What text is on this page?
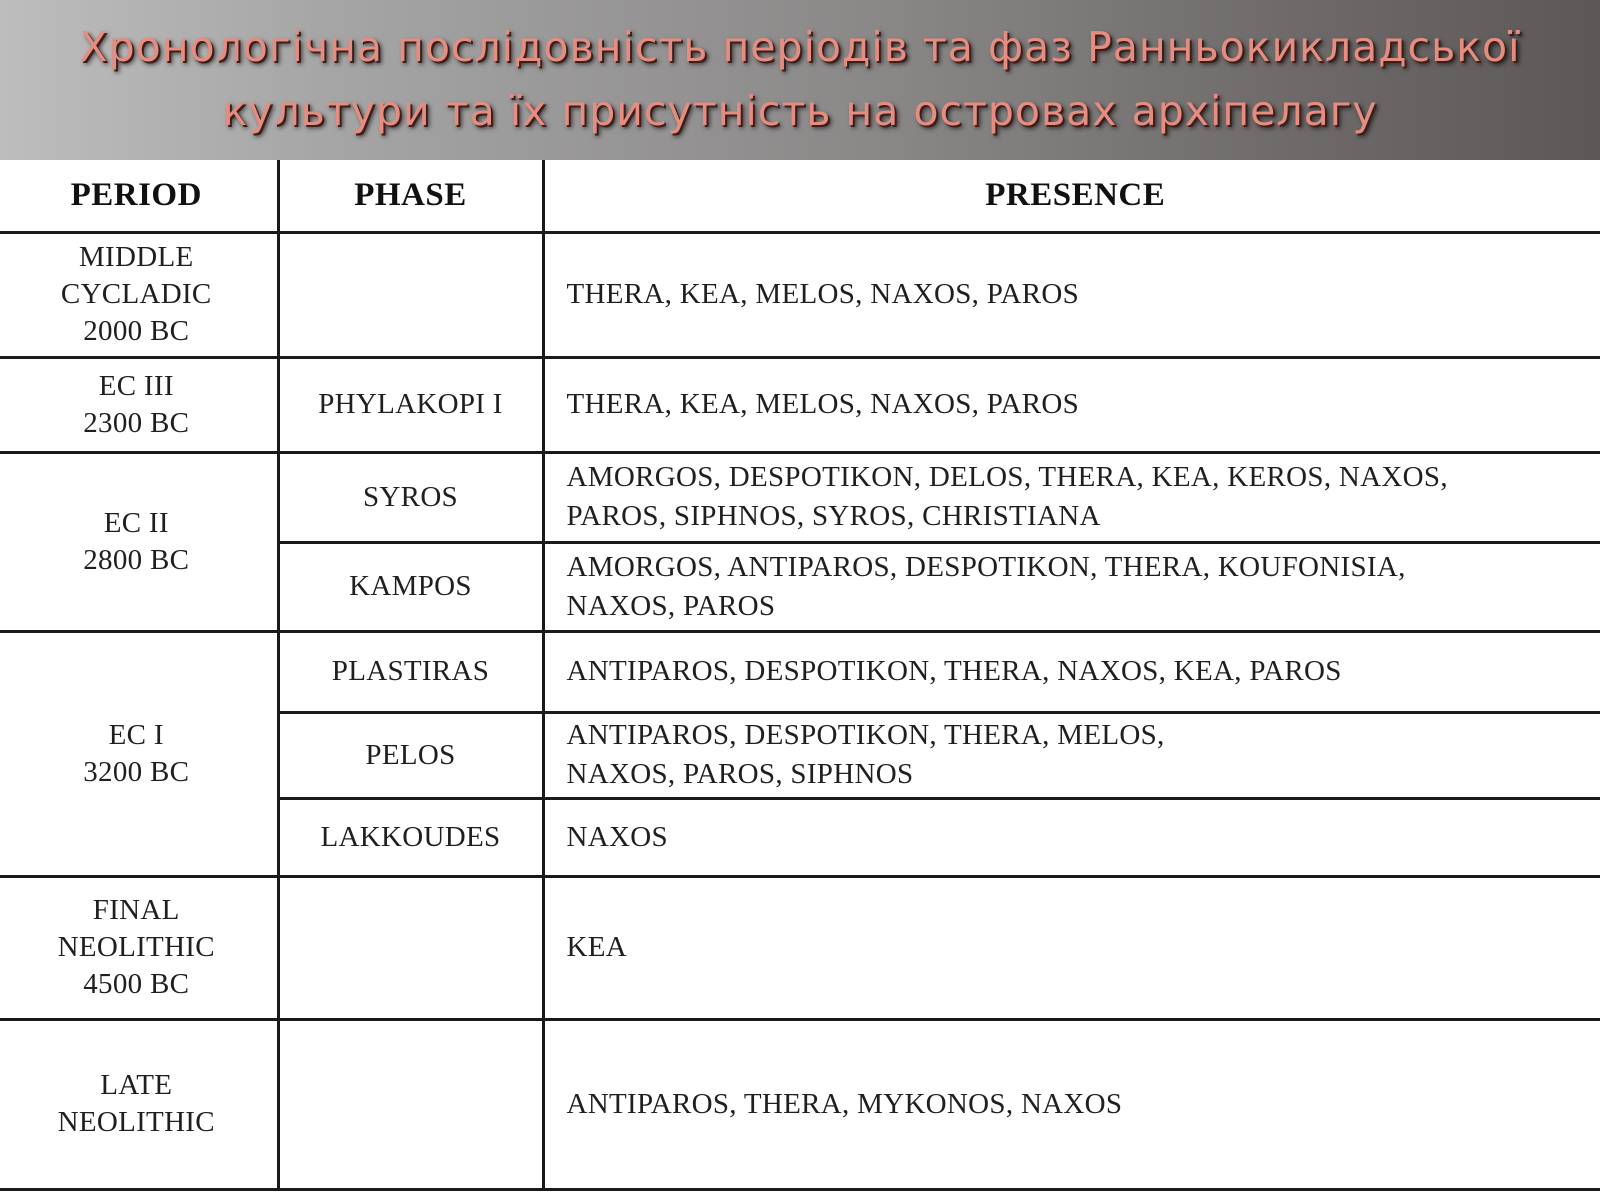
Хронологічна послідовність періодів та фаз Ранньокикладської
культури та їх присутність на островах архіпелагу
PERIOD	PHASE	PRESENCE

MIDDLE
CYCLADIC
2000 BC		THERA, KEA, MELOS, NAXOS, PAROS

EC III
2300 BC	PHYLAKOPI I	THERA, KEA, MELOS, NAXOS, PAROS

EC II
2800 BC	SYROS	AMORGOS, DESPOTIKON, DELOS, THERA, KEA, KEROS, NAXOS,
PAROS, SIPHNOS, SYROS, CHRISTIANA

	KAMPOS	AMORGOS, ANTIPAROS, DESPOTIKON, THERA, KOUFONISIA,
NAXOS, PAROS

EC I
3200 BC	PLASTIRAS	ANTIPAROS, DESPOTIKON, THERA, NAXOS, KEA, PAROS

	PELOS	ANTIPAROS, DESPOTIKON, THERA, MELOS,
NAXOS, PAROS, SIPHNOS

	LAKKOUDES	NAXOS

FINAL
NEOLITHIC
4500 BC		KEA

LATE
NEOLITHIC		ANTIPAROS, THERA, MYKONOS, NAXOS
